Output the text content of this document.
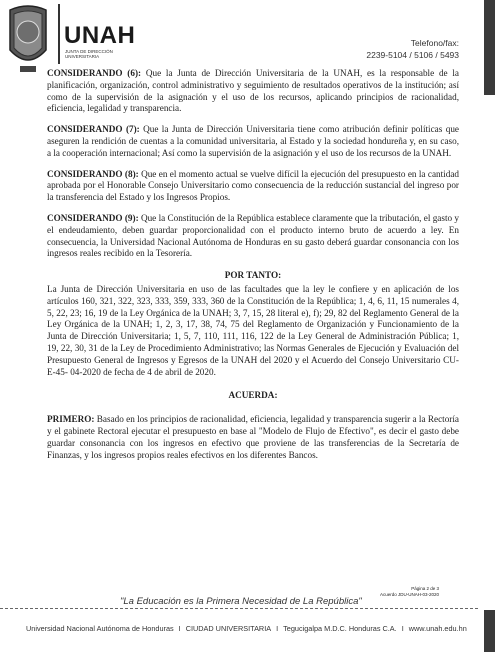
UNAH
JUNTA DE DIRECCIÓN UNIVERSITARIA
Telefono/fax:
2239-5104 / 5106 / 5493

CONSIDERANDO (6): Que la Junta de Dirección Universitaria de la UNAH, es la responsable de la planificación, organización, control administrativo y seguimiento de resultados operativos de la institución; así como de la supervisión de la asignación y el uso de los recursos, aplicando principios de racionalidad, eficiencia, legalidad y transparencia.

CONSIDERANDO (7): Que la Junta de Dirección Universitaria tiene como atribución definir políticas que aseguren la rendición de cuentas a la comunidad universitaria, al Estado y la sociedad hondureña y, en su caso, a la cooperación internacional; Así como la supervisión de la asignación y el uso de los recursos de la UNAH.

CONSIDERANDO (8): Que en el momento actual se vuelve difícil la ejecución del presupuesto en la cantidad aprobada por el Honorable Consejo Universitario como consecuencia de la reducción sustancial del ingreso por la transferencia del Estado y los Ingresos Propios.

CONSIDERANDO (9): Que la Constitución de la República establece claramente que la tributación, el gasto y el endeudamiento, deben guardar proporcionalidad con el producto interno bruto de acuerdo a ley. En consecuencia, la Universidad Nacional Autónoma de Honduras en su gasto deberá guardar consonancia con los ingresos reales recibido en la Tesorería.

POR TANTO:

La Junta de Dirección Universitaria en uso de las facultades que la ley le confiere y en aplicación de los artículos 160, 321, 322, 323, 333, 359, 333, 360 de la Constitución de la República; 1, 4, 6, 11, 15 numerales 4, 5, 22, 23; 16, 19 de la Ley Orgánica de la UNAH; 3, 7, 15, 28 literal e), f); 29, 82 del Reglamento General de la Ley Orgánica de la UNAH; 1, 2, 3, 17, 38, 74, 75 del Reglamento de Organización y Funcionamiento de la Junta de Dirección Universitaria; 1, 5, 7, 110, 111, 116, 122 de la Ley General de Administración Pública; 1, 19, 22, 30, 31 de la Ley de Procedimiento Administrativo; las Normas Generales de Ejecución y Evaluación del Presupuesto General de Ingresos y Egresos de la UNAH del 2020 y el Acuerdo del Consejo Universitario CU-E-45- 04-2020 de fecha de 4 de abril de 2020.

ACUERDA:

PRIMERO: Basado en los principios de racionalidad, eficiencia, legalidad y transparencia sugerir a la Rectoría y el gabinete Rectoral ejecutar el presupuesto en base al "Modelo de Flujo de Efectivo", es decir el gasto debe guardar consonancia con los ingresos en efectivo que proviene de las transferencias de la Secretaría de Finanzas, y los ingresos propios reales efectivos en los diferentes Bancos.

Página 2 de 3
Acuerdo JDU-UNAH-03-2020
"La Educación es la Primera Necesidad de La República"
Universidad Nacional Autónoma de Honduras I CIUDAD UNIVERSITARIA I Tegucigalpa M.D.C. Honduras C.A. I www.unah.edu.hn
